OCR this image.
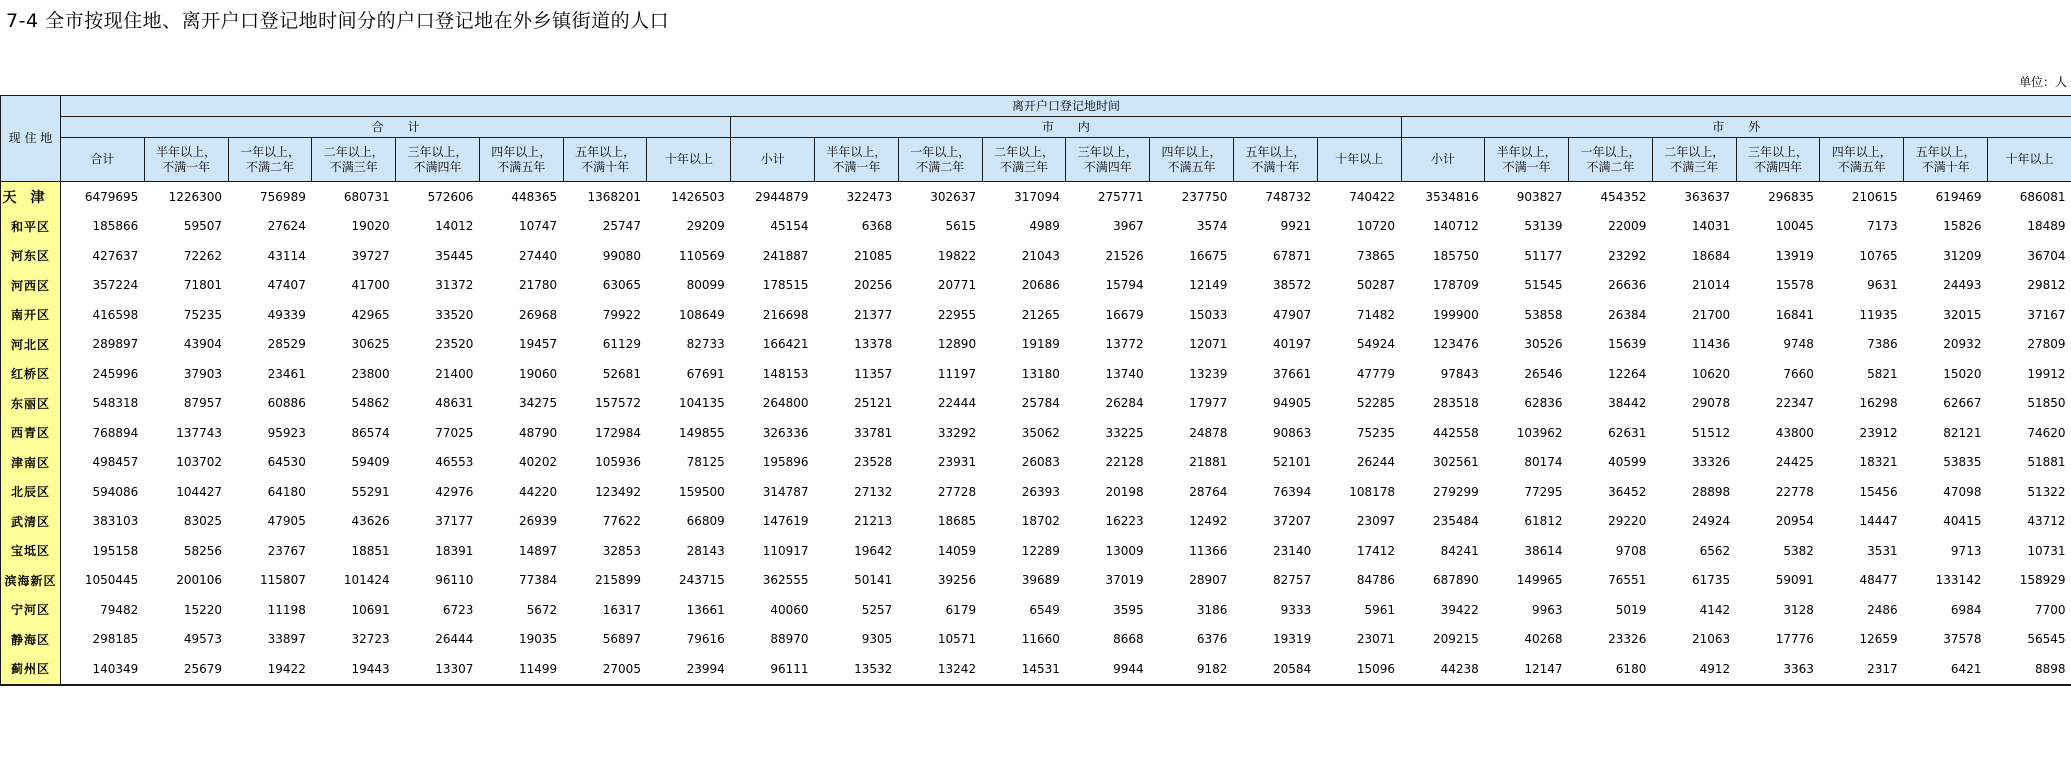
7-4 全市按现住地、离开户口登记地时间分的户口登记地在外乡镇街道的人口
单位：人
现 住 地	离开户口登记地时间																							
	合　　计								市　　内								市　　外							

	合计	半年以上，
不满一年	一年以上，
不满二年	二年以上，
不满三年	三年以上，
不满四年	四年以上，
不满五年	五年以上，
不满十年	十年以上	小计	半年以上，
不满一年	一年以上，
不满二年	二年以上，
不满三年	三年以上，
不满四年	四年以上，
不满五年	五年以上，
不满十年	十年以上	小计	半年以上，
不满一年	一年以上，
不满二年	二年以上，
不满三年	三年以上，
不满四年	四年以上，
不满五年	五年以上，
不满十年	十年以上

天津	6479695	1226300	756989	680731	572606	448365	1368201	1426503	2944879	322473	302637	317094	275771	237750	748732	740422	3534816	903827	454352	363637	296835	210615	619469	686081
和平区	185866	59507	27624	19020	14012	10747	25747	29209	45154	6368	5615	4989	3967	3574	9921	10720	140712	53139	22009	14031	10045	7173	15826	18489
河东区	427637	72262	43114	39727	35445	27440	99080	110569	241887	21085	19822	21043	21526	16675	67871	73865	185750	51177	23292	18684	13919	10765	31209	36704
河西区	357224	71801	47407	41700	31372	21780	63065	80099	178515	20256	20771	20686	15794	12149	38572	50287	178709	51545	26636	21014	15578	9631	24493	29812
南开区	416598	75235	49339	42965	33520	26968	79922	108649	216698	21377	22955	21265	16679	15033	47907	71482	199900	53858	26384	21700	16841	11935	32015	37167
河北区	289897	43904	28529	30625	23520	19457	61129	82733	166421	13378	12890	19189	13772	12071	40197	54924	123476	30526	15639	11436	9748	7386	20932	27809
红桥区	245996	37903	23461	23800	21400	19060	52681	67691	148153	11357	11197	13180	13740	13239	37661	47779	97843	26546	12264	10620	7660	5821	15020	19912
东丽区	548318	87957	60886	54862	48631	34275	157572	104135	264800	25121	22444	25784	26284	17977	94905	52285	283518	62836	38442	29078	22347	16298	62667	51850
西青区	768894	137743	95923	86574	77025	48790	172984	149855	326336	33781	33292	35062	33225	24878	90863	75235	442558	103962	62631	51512	43800	23912	82121	74620
津南区	498457	103702	64530	59409	46553	40202	105936	78125	195896	23528	23931	26083	22128	21881	52101	26244	302561	80174	40599	33326	24425	18321	53835	51881
北辰区	594086	104427	64180	55291	42976	44220	123492	159500	314787	27132	27728	26393	20198	28764	76394	108178	279299	77295	36452	28898	22778	15456	47098	51322
武清区	383103	83025	47905	43626	37177	26939	77622	66809	147619	21213	18685	18702	16223	12492	37207	23097	235484	61812	29220	24924	20954	14447	40415	43712
宝坻区	195158	58256	23767	18851	18391	14897	32853	28143	110917	19642	14059	12289	13009	11366	23140	17412	84241	38614	9708	6562	5382	3531	9713	10731
滨海新区	1050445	200106	115807	101424	96110	77384	215899	243715	362555	50141	39256	39689	37019	28907	82757	84786	687890	149965	76551	61735	59091	48477	133142	158929
宁河区	79482	15220	11198	10691	6723	5672	16317	13661	40060	5257	6179	6549	3595	3186	9333	5961	39422	9963	5019	4142	3128	2486	6984	7700
静海区	298185	49573	33897	32723	26444	19035	56897	79616	88970	9305	10571	11660	8668	6376	19319	23071	209215	40268	23326	21063	17776	12659	37578	56545
蓟州区	140349	25679	19422	19443	13307	11499	27005	23994	96111	13532	13242	14531	9944	9182	20584	15096	44238	12147	6180	4912	3363	2317	6421	8898
